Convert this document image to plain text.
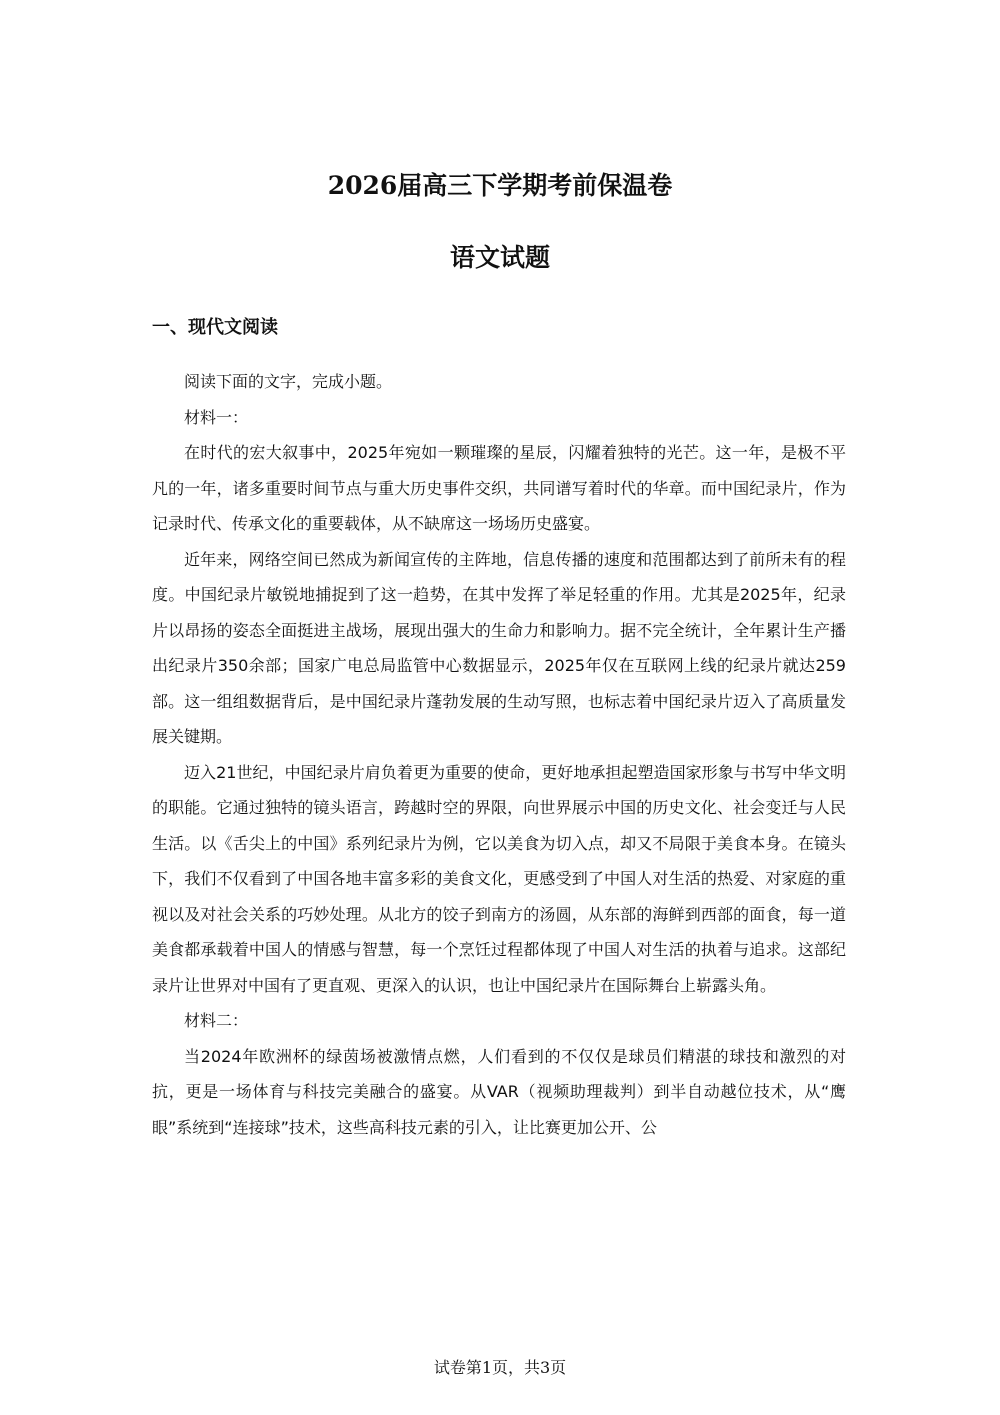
2026届高三下学期考前保温卷
语文试题
一、现代文阅读

阅读下面的文字，完成小题。

材料一：

在时代的宏大叙事中，2025年宛如一颗璀璨的星辰，闪耀着独特的光芒。这一年，是极不平凡的一年，诸多重要时间节点与重大历史事件交织，共同谱写着时代的华章。而中国纪录片，作为记录时代、传承文化的重要载体，从不缺席这一场场历史盛宴。

近年来，网络空间已然成为新闻宣传的主阵地，信息传播的速度和范围都达到了前所未有的程度。中国纪录片敏锐地捕捉到了这一趋势，在其中发挥了举足轻重的作用。尤其是2025年，纪录片以昂扬的姿态全面挺进主战场，展现出强大的生命力和影响力。据不完全统计，全年累计生产播出纪录片350余部；国家广电总局监管中心数据显示，2025年仅在互联网上线的纪录片就达259部。这一组组数据背后，是中国纪录片蓬勃发展的生动写照，也标志着中国纪录片迈入了高质量发展关键期。

迈入21世纪，中国纪录片肩负着更为重要的使命，更好地承担起塑造国家形象与书写中华文明的职能。它通过独特的镜头语言，跨越时空的界限，向世界展示中国的历史文化、社会变迁与人民生活。以《舌尖上的中国》系列纪录片为例，它以美食为切入点，却又不局限于美食本身。在镜头下，我们不仅看到了中国各地丰富多彩的美食文化，更感受到了中国人对生活的热爱、对家庭的重视以及对社会关系的巧妙处理。从北方的饺子到南方的汤圆，从东部的海鲜到西部的面食，每一道美食都承载着中国人的情感与智慧，每一个烹饪过程都体现了中国人对生活的执着与追求。这部纪录片让世界对中国有了更直观、更深入的认识，也让中国纪录片在国际舞台上崭露头角。

材料二：

当2024年欧洲杯的绿茵场被激情点燃，人们看到的不仅仅是球员们精湛的球技和激烈的对抗，更是一场体育与科技完美融合的盛宴。从VAR（视频助理裁判）到半自动越位技术，从“鹰眼”系统到“连接球”技术，这些高科技元素的引入，让比赛更加公开、公

试卷第1页，共3页
